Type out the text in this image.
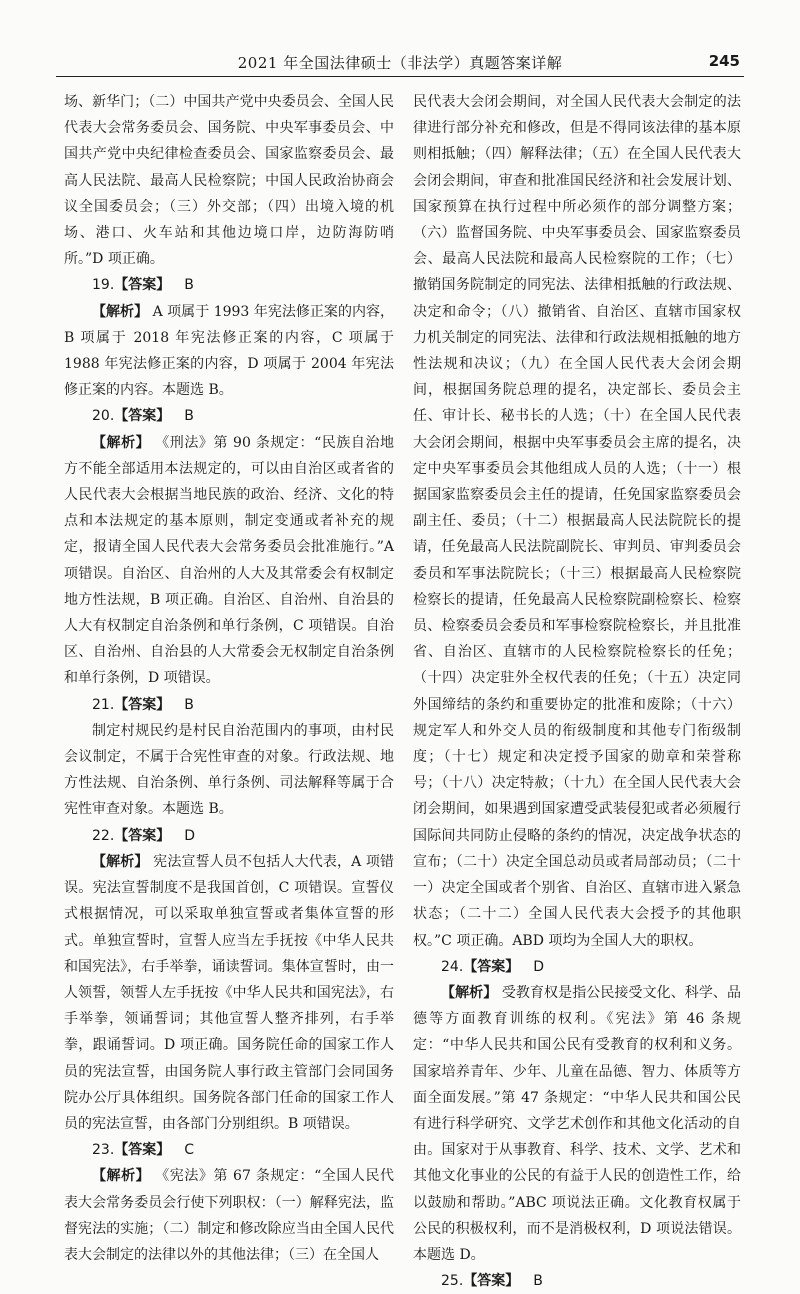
2021 年全国法律硕士（非法学）真题答案详解	245

场、新华门；（二）中国共产党中央委员会、全国人民代表大会常务委员会、国务院、中央军事委员会、中国共产党中央纪律检查委员会、国家监察委员会、最高人民法院、最高人民检察院；中国人民政治协商会议全国委员会；（三）外交部；（四）出境入境的机场、港口、火车站和其他边境口岸，边防海防哨所。”D 项正确。

19.【答案】 B

【解析】 A 项属于 1993 年宪法修正案的内容，B 项属于 2018 年宪法修正案的内容，C 项属于 1988 年宪法修正案的内容，D 项属于 2004 年宪法修正案的内容。本题选 B。

20.【答案】 B

【解析】 《刑法》第 90 条规定：“民族自治地方不能全部适用本法规定的，可以由自治区或者省的人民代表大会根据当地民族的政治、经济、文化的特点和本法规定的基本原则，制定变通或者补充的规定，报请全国人民代表大会常务委员会批准施行。”A 项错误。自治区、自治州的人大及其常委会有权制定地方性法规，B 项正确。自治区、自治州、自治县的人大有权制定自治条例和单行条例，C 项错误。自治区、自治州、自治县的人大常委会无权制定自治条例和单行条例，D 项错误。

21.【答案】 B

制定村规民约是村民自治范围内的事项，由村民会议制定，不属于合宪性审查的对象。行政法规、地方性法规、自治条例、单行条例、司法解释等属于合宪性审查对象。本题选 B。

22.【答案】 D

【解析】 宪法宣誓人员不包括人大代表，A 项错误。宪法宣誓制度不是我国首创，C 项错误。宣誓仪式根据情况，可以采取单独宣誓或者集体宣誓的形式。单独宣誓时，宣誓人应当左手抚按《中华人民共和国宪法》，右手举拳，诵读誓词。集体宣誓时，由一人领誓，领誓人左手抚按《中华人民共和国宪法》，右手举拳，领诵誓词；其他宣誓人整齐排列，右手举拳，跟诵誓词。D 项正确。国务院任命的国家工作人员的宪法宣誓，由国务院人事行政主管部门会同国务院办公厅具体组织。国务院各部门任命的国家工作人员的宪法宣誓，由各部门分别组织。B 项错误。

23.【答案】 C

【解析】 《宪法》第 67 条规定：“全国人民代表大会常务委员会行使下列职权：（一）解释宪法，监督宪法的实施；（二）制定和修改除应当由全国人民代表大会制定的法律以外的其他法律；（三）在全国人

民代表大会闭会期间，对全国人民代表大会制定的法律进行部分补充和修改，但是不得同该法律的基本原则相抵触；（四）解释法律；（五）在全国人民代表大会闭会期间，审查和批准国民经济和社会发展计划、国家预算在执行过程中所必须作的部分调整方案；（六）监督国务院、中央军事委员会、国家监察委员会、最高人民法院和最高人民检察院的工作；（七）撤销国务院制定的同宪法、法律相抵触的行政法规、决定和命令；（八）撤销省、自治区、直辖市国家权力机关制定的同宪法、法律和行政法规相抵触的地方性法规和决议；（九）在全国人民代表大会闭会期间，根据国务院总理的提名，决定部长、委员会主任、审计长、秘书长的人选；（十）在全国人民代表大会闭会期间，根据中央军事委员会主席的提名，决定中央军事委员会其他组成人员的人选；（十一）根据国家监察委员会主任的提请，任免国家监察委员会副主任、委员；（十二）根据最高人民法院院长的提请，任免最高人民法院副院长、审判员、审判委员会委员和军事法院院长；（十三）根据最高人民检察院检察长的提请，任免最高人民检察院副检察长、检察员、检察委员会委员和军事检察院检察长，并且批准省、自治区、直辖市的人民检察院检察长的任免；（十四）决定驻外全权代表的任免；（十五）决定同外国缔结的条约和重要协定的批准和废除；（十六）规定军人和外交人员的衔级制度和其他专门衔级制度；（十七）规定和决定授予国家的勋章和荣誉称号；（十八）决定特赦；（十九）在全国人民代表大会闭会期间，如果遇到国家遭受武装侵犯或者必须履行国际间共同防止侵略的条约的情况，决定战争状态的宣布；（二十）决定全国总动员或者局部动员；（二十一）决定全国或者个别省、自治区、直辖市进入紧急状态；（二十二）全国人民代表大会授予的其他职权。”C 项正确。ABD 项均为全国人大的职权。

24.【答案】 D

【解析】 受教育权是指公民接受文化、科学、品德等方面教育训练的权利。《宪法》第 46 条规定：“中华人民共和国公民有受教育的权利和义务。国家培养青年、少年、儿童在品德、智力、体质等方面全面发展。”第 47 条规定：“中华人民共和国公民有进行科学研究、文学艺术创作和其他文化活动的自由。国家对于从事教育、科学、技术、文学、艺术和其他文化事业的公民的有益于人民的创造性工作，给以鼓励和帮助。”ABC 项说法正确。文化教育权属于公民的积极权利，而不是消极权利，D 项说法错误。本题选 D。

25.【答案】 B
